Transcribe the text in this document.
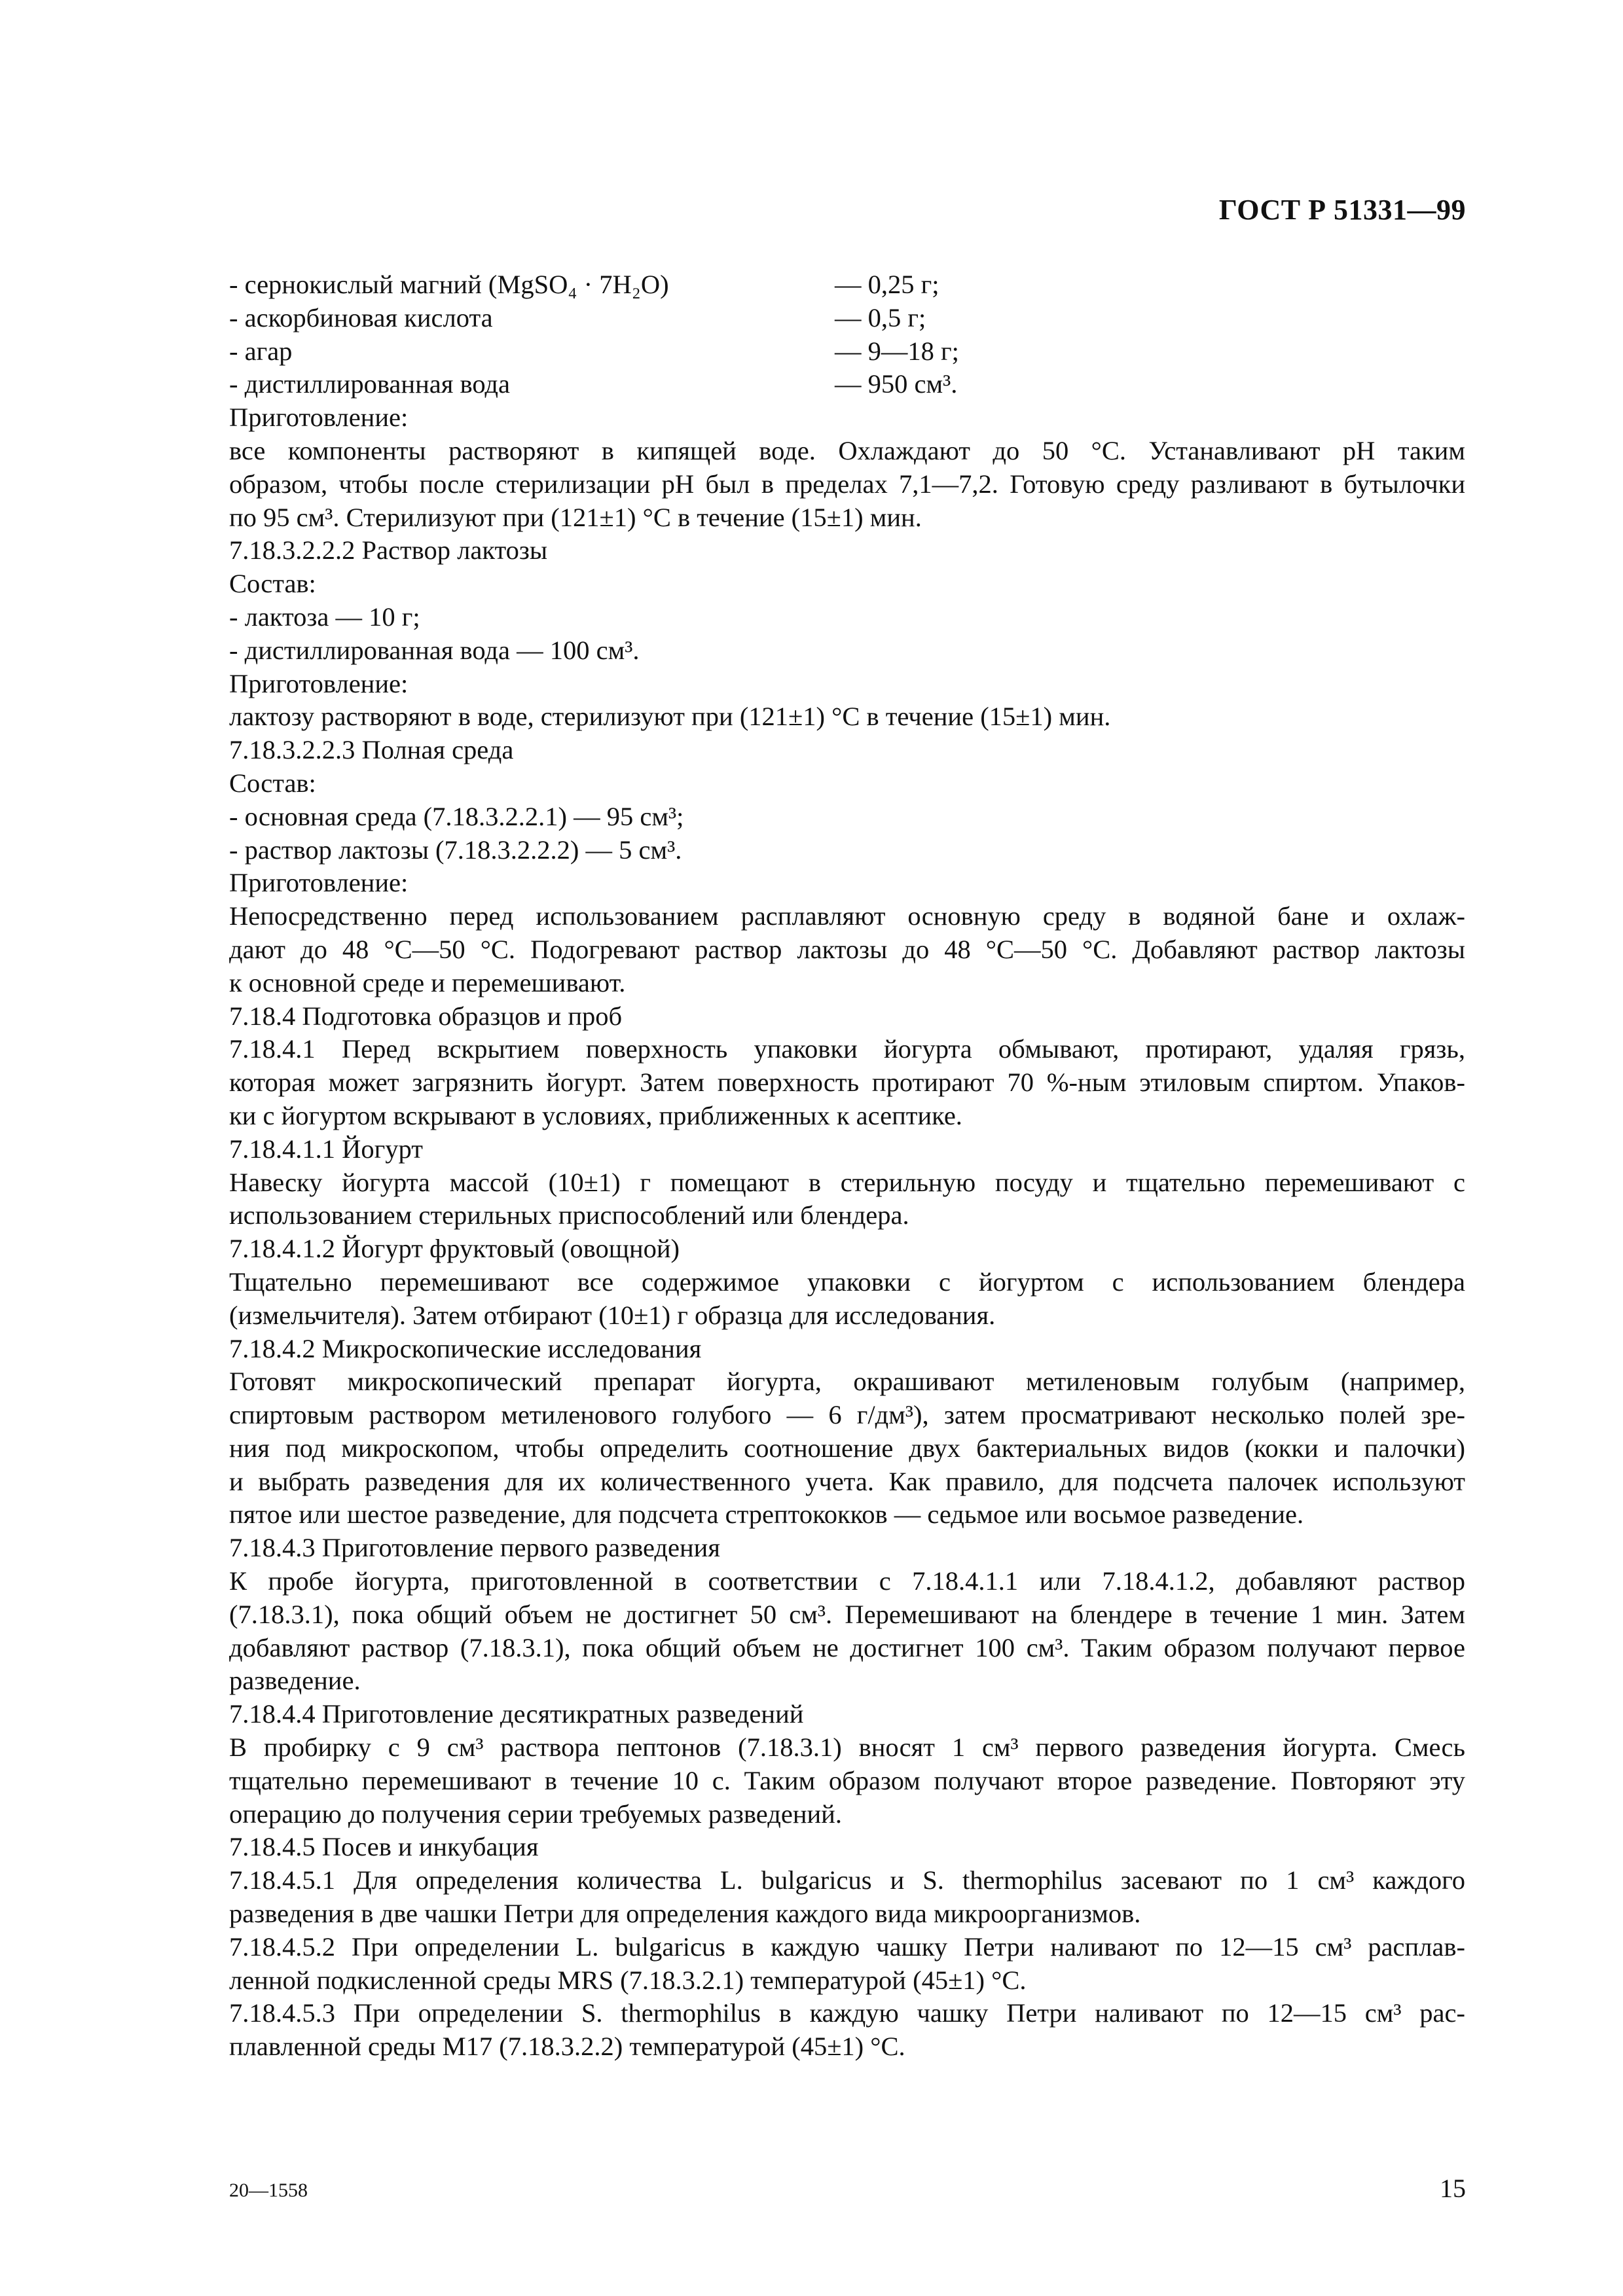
ГОСТ Р 51331—99
- сернокислый магний (MgSO₄ · 7H₂O)	— 0,25 г;
- аскорбиновая кислота	— 0,5 г;
- агар	— 9—18 г;
- дистиллированная вода	— 950 см³.
Приготовление:
все компоненты растворяют в кипящей воде. Охлаждают до 50 °С. Устанавливают pH таким
образом, чтобы после стерилизации pH был в пределах 7,1—7,2. Готовую среду разливают в бутылочки
по 95 см³. Стерилизуют при (121±1) °С в течение (15±1) мин.
7.18.3.2.2.2 Раствор лактозы
Состав:
- лактоза — 10 г;
- дистиллированная вода — 100 см³.
Приготовление:
лактозу растворяют в воде, стерилизуют при (121±1) °С в течение (15±1) мин.
7.18.3.2.2.3 Полная среда
Состав:
- основная среда (7.18.3.2.2.1) — 95 см³;
- раствор лактозы (7.18.3.2.2.2) — 5 см³.
Приготовление:
Непосредственно перед использованием расплавляют основную среду в водяной бане и охлаж-
дают до 48 °С—50 °С. Подогревают раствор лактозы до 48 °С—50 °С. Добавляют раствор лактозы
к основной среде и перемешивают.
7.18.4 Подготовка образцов и проб
7.18.4.1 Перед вскрытием поверхность упаковки йогурта обмывают, протирают, удаляя грязь,
которая может загрязнить йогурт. Затем поверхность протирают 70 %-ным этиловым спиртом. Упаков-
ки с йогуртом вскрывают в условиях, приближенных к асептике.
7.18.4.1.1 Йогурт
Навеску йогурта массой (10±1) г помещают в стерильную посуду и тщательно перемешивают с
использованием стерильных приспособлений или блендера.
7.18.4.1.2 Йогурт фруктовый (овощной)
Тщательно перемешивают все содержимое упаковки с йогуртом с использованием блендера
(измельчителя). Затем отбирают (10±1) г образца для исследования.
7.18.4.2 Микроскопические исследования
Готовят микроскопический препарат йогурта, окрашивают метиленовым голубым (например,
спиртовым раствором метиленового голубого — 6 г/дм³), затем просматривают несколько полей зре-
ния под микроскопом, чтобы определить соотношение двух бактериальных видов (кокки и палочки)
и выбрать разведения для их количественного учета. Как правило, для подсчета палочек используют
пятое или шестое разведение, для подсчета стрептококков — седьмое или восьмое разведение.
7.18.4.3 Приготовление первого разведения
К пробе йогурта, приготовленной в соответствии с 7.18.4.1.1 или 7.18.4.1.2, добавляют раствор
(7.18.3.1), пока общий объем не достигнет 50 см³. Перемешивают на блендере в течение 1 мин. Затем
добавляют раствор (7.18.3.1), пока общий объем не достигнет 100 см³. Таким образом получают первое
разведение.
7.18.4.4 Приготовление десятикратных разведений
В пробирку с 9 см³ раствора пептонов (7.18.3.1) вносят 1 см³ первого разведения йогурта. Смесь
тщательно перемешивают в течение 10 с. Таким образом получают второе разведение. Повторяют эту
операцию до получения серии требуемых разведений.
7.18.4.5 Посев и инкубация
7.18.4.5.1 Для определения количества L. bulgaricus и S. thermophilus засевают по 1 см³ каждого
разведения в две чашки Петри для определения каждого вида микроорганизмов.
7.18.4.5.2 При определении L. bulgaricus в каждую чашку Петри наливают по 12—15 см³ расплав-
ленной подкисленной среды MRS (7.18.3.2.1) температурой (45±1) °С.
7.18.4.5.3 При определении S. thermophilus в каждую чашку Петри наливают по 12—15 см³ рас-
плавленной среды M17 (7.18.3.2.2) температурой (45±1) °С.
20—1558	15
